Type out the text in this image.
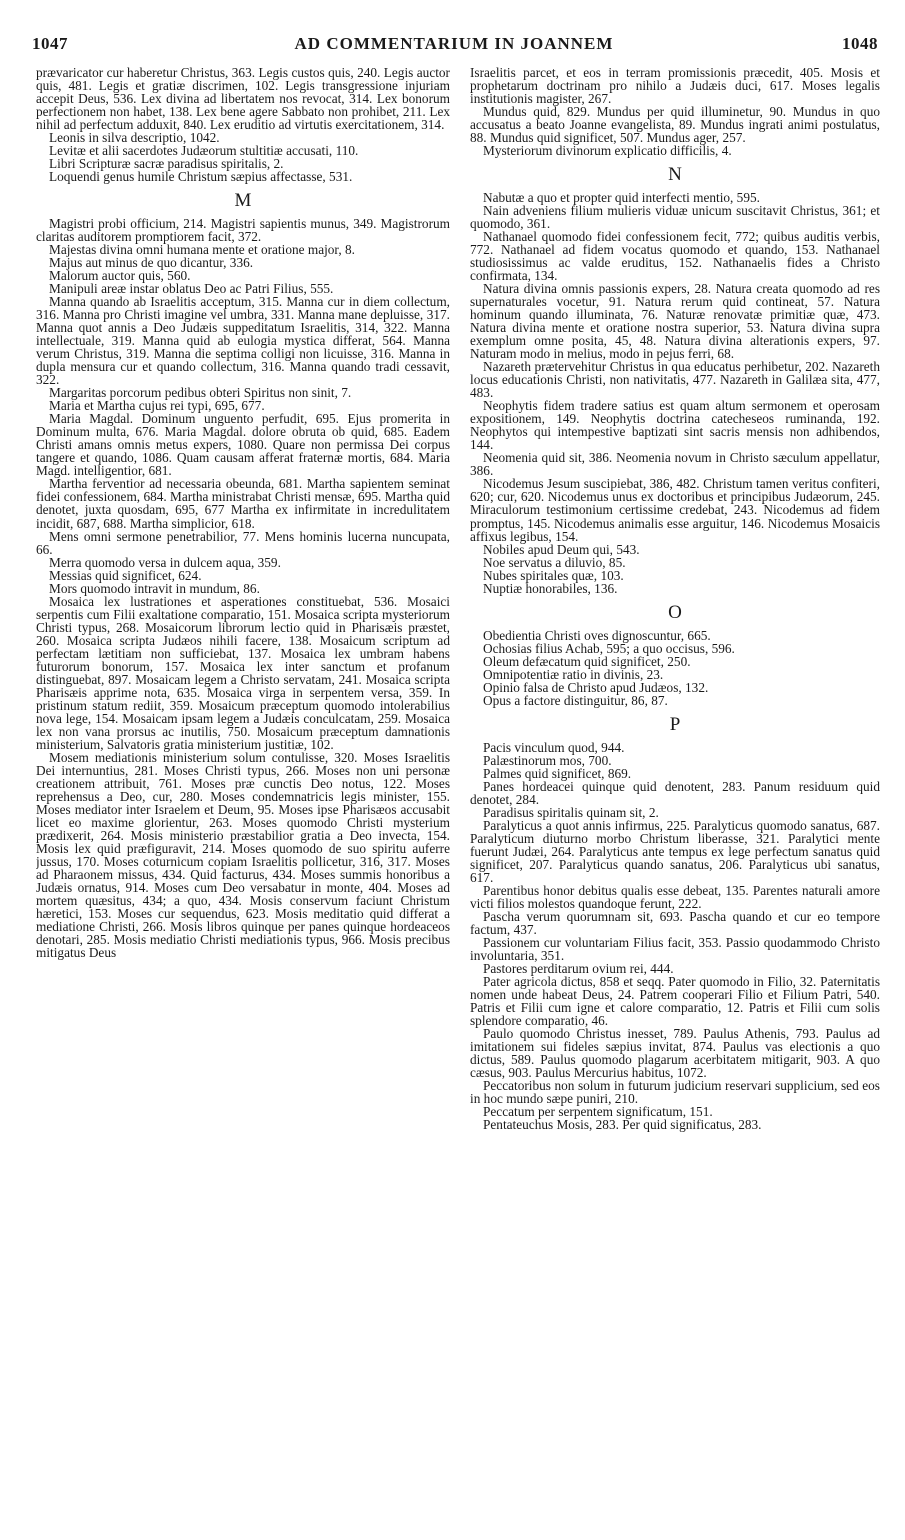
1047	AD COMMENTARIUM IN JOANNEM	1048

prævaricator cur haberetur Christus, 363. Legis custos quis, 240. Legis auctor quis, 481. Legis et gratiæ discrimen, 102. Legis transgressione injuriam accepit Deus, 536. Lex divina ad libertatem nos revocat, 314. Lex bonorum perfectionem non habet, 138. Lex bene agere Sabbato non prohibet, 211. Lex nihil ad perfectum adduxit, 840. Lex eruditio ad virtutis exercitationem, 314.

Leonis in silva descriptio, 1042.

Levitæ et alii sacerdotes Judæorum stultitiæ accusati, 110.

Libri Scripturæ sacræ paradisus spiritalis, 2.

Loquendi genus humile Christum sæpius affectasse, 531.

M

Magistri probi officium, 214. Magistri sapientis munus, 349. Magistrorum claritas auditorem promptiorem facit, 372.

Majestas divina omni humana mente et oratione major, 8.

Majus aut minus de quo dicantur, 336.

Malorum auctor quis, 560.

Manipuli areæ instar oblatus Deo ac Patri Filius, 555.

Manna quando ab Israelitis acceptum, 315. Manna cur in diem collectum, 316. Manna pro Christi imagine vel umbra, 331. Manna mane depluisse, 317. Manna quot annis a Deo Judæis suppeditatum Israelitis, 314, 322. Manna intellectuale, 319. Manna quid ab eulogia mystica differat, 564. Manna verum Christus, 319. Manna die septima colligi non licuisse, 316. Manna in dupla mensura cur et quando collectum, 316. Manna quando tradi cessavit, 322.

Margaritas porcorum pedibus obteri Spiritus non sinit, 7.

Maria et Martha cujus rei typi, 695, 677.

Maria Magdal. Dominum unguento perfudit, 695. Ejus promerita in Dominum multa, 676. Maria Magdal. dolore obruta ob quid, 685. Eadem Christi amans omnis metus expers, 1080. Quare non permissa Dei corpus tangere et quando, 1086. Quam causam afferat fraternæ mortis, 684. Maria Magd. intelligentior, 681.

Martha ferventior ad necessaria obeunda, 681. Martha sapientem seminat fidei confessionem, 684. Martha ministrabat Christi mensæ, 695. Martha quid denotet, juxta quosdam, 695, 677 Martha ex infirmitate in incredulitatem incidit, 687, 688. Martha simplicior, 618.

Mens omni sermone penetrabilior, 77. Mens hominis lucerna nuncupata, 66.

Merra quomodo versa in dulcem aqua, 359.

Messias quid significet, 624.

Mors quomodo intravit in mundum, 86.

Mosaica lex lustrationes et asperationes constituebat, 536. Mosaici serpentis cum Filii exaltatione comparatio, 151. Mosaica scripta mysteriorum Christi typus, 268. Mosaicorum librorum lectio quid in Pharisæis præstet, 260. Mosaica scripta Judæos nihili facere, 138. Mosaicum scriptum ad perfectam lætitiam non sufficiebat, 137. Mosaica lex umbram habens futurorum bonorum, 157. Mosaica lex inter sanctum et profanum distinguebat, 897. Mosaicam legem a Christo servatam, 241. Mosaica scripta Pharisæis apprime nota, 635. Mosaica virga in serpentem versa, 359. In pristinum statum rediit, 359. Mosaicum præceptum quomodo intolerabilius nova lege, 154. Mosaicam ipsam legem a Judæis conculcatam, 259. Mosaica lex non vana prorsus ac inutilis, 750. Mosaicum præceptum damnationis ministerium, Salvatoris gratia ministerium justitiæ, 102.

Mosem mediationis ministerium solum contulisse, 320. Moses Israelitis Dei internuntius, 281. Moses Christi typus, 266. Moses non uni personæ creationem attribuit, 761. Moses præ cunctis Deo notus, 122. Moses reprehensus a Deo, cur, 280. Moses condemnatricis legis minister, 155. Moses mediator inter Israelem et Deum, 95. Moses ipse Pharisæos accusabit licet eo maxime glorientur, 263. Moses quomodo Christi mysterium prædixerit, 264. Mosis ministerio præstabilior gratia a Deo invecta, 154. Mosis lex quid præfiguravit, 214. Moses quomodo de suo spiritu auferre jussus, 170. Moses coturnicum copiam Israelitis pollicetur, 316, 317. Moses ad Pharaonem missus, 434. Quid facturus, 434. Moses summis honoribus a Judæis ornatus, 914. Moses cum Deo versabatur in monte, 404. Moses ad mortem quæsitus, 434; a quo, 434. Mosis conservum faciunt Christum hæretici, 153. Moses cur sequendus, 623. Mosis meditatio quid differat a mediatione Christi, 266. Mosis libros quinque per panes quinque hordeaceos denotari, 285. Mosis mediatio Christi mediationis typus, 966. Mosis precibus mitigatus Deus

Israelitis parcet, et eos in terram promissionis præcedit, 405. Mosis et prophetarum doctrinam pro nihilo a Judæis duci, 617. Moses legalis institutionis magister, 267.

Mundus quid, 829. Mundus per quid illuminetur, 90. Mundus in quo accusatus a beato Joanne evangelista, 89. Mundus ingrati animi postulatus, 88. Mundus quid significet, 507. Mundus ager, 257.

Mysteriorum divinorum explicatio difficilis, 4.

N

Nabutæ a quo et propter quid interfecti mentio, 595.

Nain adveniens filium mulieris viduæ unicum suscitavit Christus, 361; et quomodo, 361.

Nathanael quomodo fidei confessionem fecit, 772; quibus auditis verbis, 772. Nathanael ad fidem vocatus quomodo et quando, 153. Nathanael studiosissimus ac valde eruditus, 152. Nathanaelis fides a Christo confirmata, 134.

Natura divina omnis passionis expers, 28. Natura creata quomodo ad res supernaturales vocetur, 91. Natura rerum quid contineat, 57. Natura hominum quando illuminata, 76. Naturæ renovatæ primitiæ quæ, 473. Natura divina mente et oratione nostra superior, 53. Natura divina supra exemplum omne posita, 45, 48. Natura divina alterationis expers, 97. Naturam modo in melius, modo in pejus ferri, 68.

Nazareth prætervehitur Christus in qua educatus perhibetur, 202. Nazareth locus educationis Christi, non nativitatis, 477. Nazareth in Galilæa sita, 477, 483.

Neophytis fidem tradere satius est quam altum sermonem et operosam expositionem, 149. Neophytis doctrina catecheseos ruminanda, 192. Neophytos qui intempestive baptizati sint sacris mensis non adhibendos, 144.

Neomenia quid sit, 386. Neomenia novum in Christo sæculum appellatur, 386.

Nicodemus Jesum suscipiebat, 386, 482. Christum tamen veritus confiteri, 620; cur, 620. Nicodemus unus ex doctoribus et principibus Judæorum, 245. Miraculorum testimonium certissime credebat, 243. Nicodemus ad fidem promptus, 145. Nicodemus animalis esse arguitur, 146. Nicodemus Mosaicis affixus legibus, 154.

Nobiles apud Deum qui, 543.

Noe servatus a diluvio, 85.

Nubes spiritales quæ, 103.

Nuptiæ honorabiles, 136.

O

Obedientia Christi oves dignoscuntur, 665.

Ochosias filius Achab, 595; a quo occisus, 596.

Oleum defæcatum quid significet, 250.

Omnipotentiæ ratio in divinis, 23.

Opinio falsa de Christo apud Judæos, 132.

Opus a factore distinguitur, 86, 87.

P

Pacis vinculum quod, 944.

Palæstinorum mos, 700.

Palmes quid significet, 869.

Panes hordeacei quinque quid denotent, 283. Panum residuum quid denotet, 284.

Paradisus spiritalis quinam sit, 2.

Paralyticus a quot annis infirmus, 225. Paralyticus quomodo sanatus, 687. Paralyticum diuturno morbo Christum liberasse, 321. Paralytici mente fuerunt Judæi, 264. Paralyticus ante tempus ex lege perfectum sanatus quid significet, 207. Paralyticus quando sanatus, 206. Paralyticus ubi sanatus, 617.

Parentibus honor debitus qualis esse debeat, 135. Parentes naturali amore victi filios molestos quandoque ferunt, 222.

Pascha verum quorumnam sit, 693. Pascha quando et cur eo tempore factum, 437.

Passionem cur voluntariam Filius facit, 353. Passio quodammodo Christo involuntaria, 351.

Pastores perditarum ovium rei, 444.

Pater agricola dictus, 858 et seqq. Pater quomodo in Filio, 32. Paternitatis nomen unde habeat Deus, 24. Patrem cooperari Filio et Filium Patri, 540. Patris et Filii cum igne et calore comparatio, 12. Patris et Filii cum solis splendore comparatio, 46.

Paulo quomodo Christus inesset, 789. Paulus Athenis, 793. Paulus ad imitationem sui fideles sæpius invitat, 874. Paulus vas electionis a quo dictus, 589. Paulus quomodo plagarum acerbitatem mitigarit, 903. A quo cæsus, 903. Paulus Mercurius habitus, 1072.

Peccatoribus non solum in futurum judicium reservari supplicium, sed eos in hoc mundo sæpe puniri, 210.

Peccatum per serpentem significatum, 151.

Pentateuchus Mosis, 283. Per quid significatus, 283.
